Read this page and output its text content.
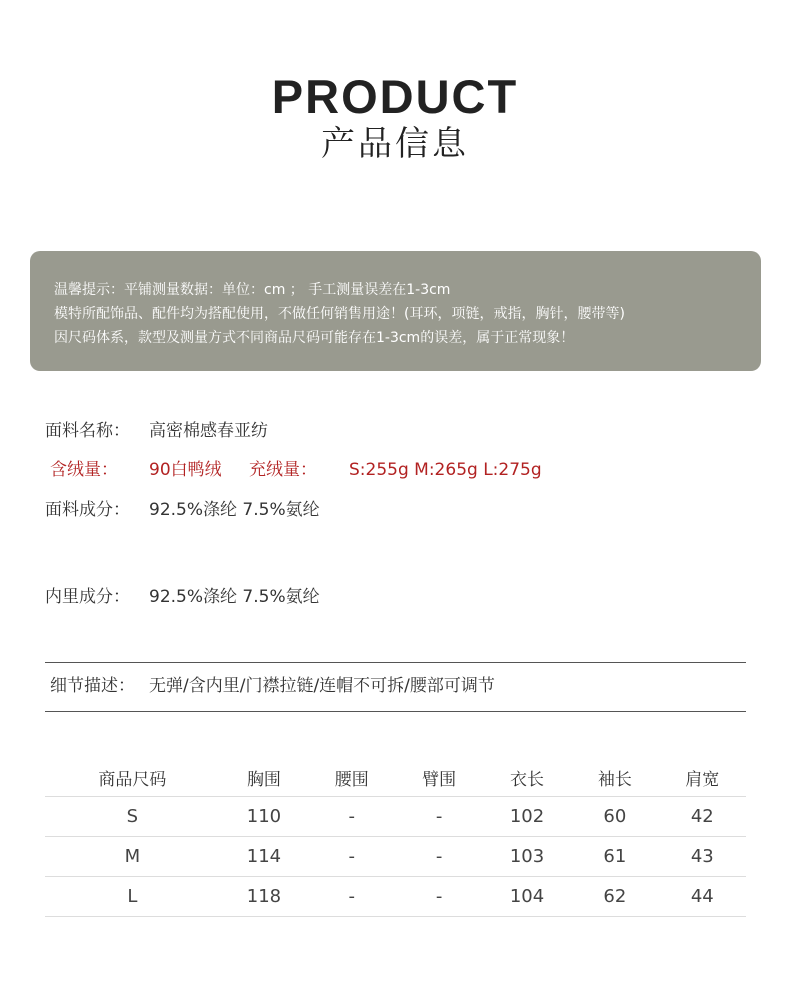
PRODUCT
产品信息
温馨提示：平铺测量数据：单位：cm ； 手工测量误差在1-3cm
模特所配饰品、配件均为搭配使用，不做任何销售用途！(耳环，项链，戒指，胸针，腰带等)
因尺码体系，款型及测量方式不同商品尺码可能存在1-3cm的误差，属于正常现象！
面料名称： 高密棉感春亚纺
含绒量： 90白鸭绒 充绒量： S:255g M:265g L:275g
面料成分： 92.5%涤纶 7.5%氨纶
内里成分： 92.5%涤纶 7.5%氨纶
细节描述： 无弹/含内里/门襟拉链/连帽不可拆/腰部可调节
商品尺码	胸围	腰围	臂围	衣长	袖长	肩宽
S	110	-	-	102	60	42
M	114	-	-	103	61	43
L	118	-	-	104	62	44
